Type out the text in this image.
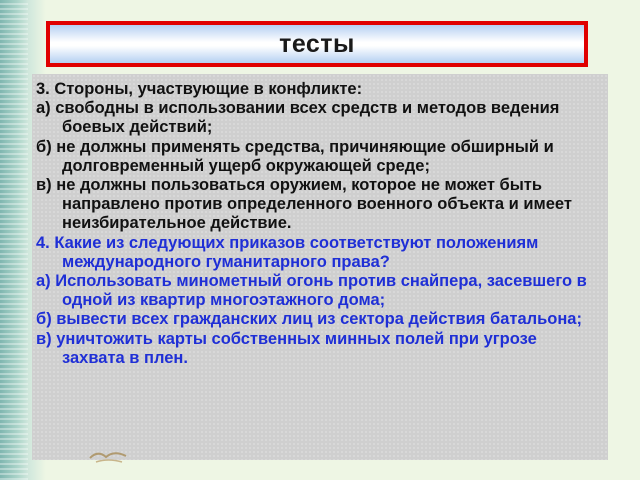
тесты

3. Стороны, участвующие в конфликте:

а) свободны в использовании всех средств и методов ведения боевых действий;

б) не должны применять средства, причиняющие обширный и долговременный ущерб окружающей среде;

в) не должны пользоваться оружием, которое не может быть направлено против определенного военного объекта и имеет неизбирательное действие.

4. Какие из следующих приказов соответствуют положениям международного гуманитарного права?

а) Использовать минометный огонь против снайпера, засевшего в одной из квартир многоэтажного дома;

б) вывести всех гражданских лиц из сектора действия батальона;

в) уничтожить карты собственных минных полей при угрозе захвата в плен.
